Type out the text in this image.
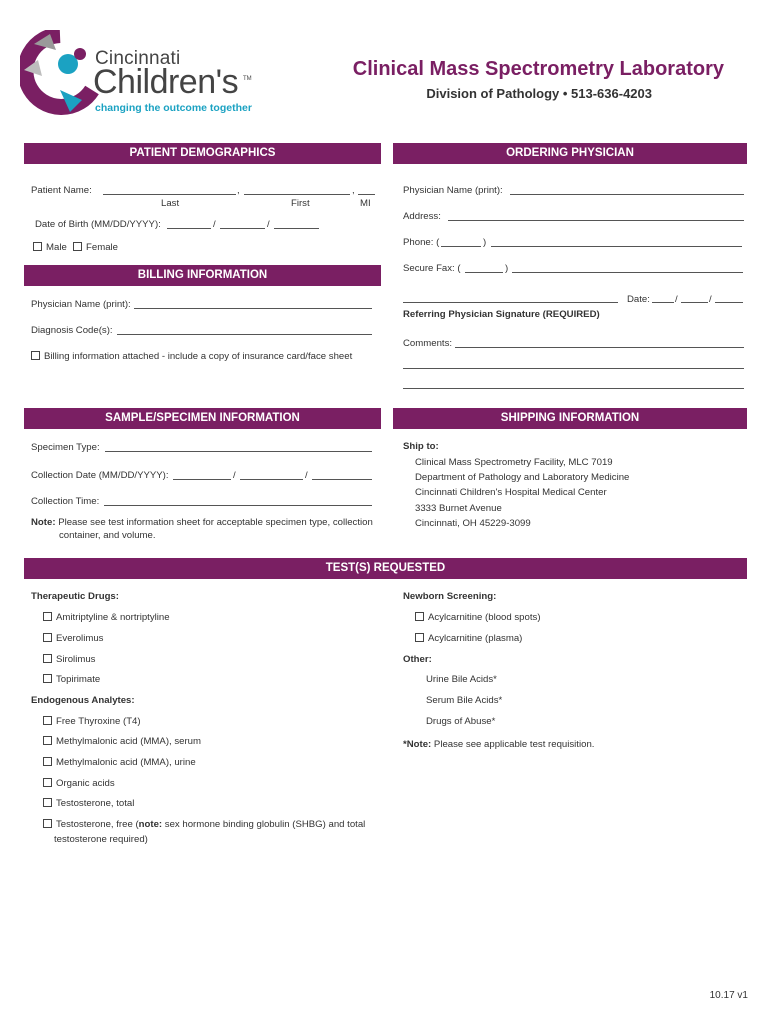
Cincinnati
Children's TM
changing the outcome together
Clinical Mass Spectrometry Laboratory
Division of Pathology • 513-636-4203
PATIENT DEMOGRAPHICS
Patient Name:	,	,
Last	First	MI
Date of Birth (MM/DD/YYYY):	/	/
Male	Female
BILLING INFORMATION
Physician Name (print):
Diagnosis Code(s):
Billing information attached - include a copy of insurance card/face sheet
ORDERING PHYSICIAN
Physician Name (print):
Address:
Phone: (	)
Secure Fax: (	)
Date:	/	/
Referring Physician Signature (REQUIRED)
Comments:
SAMPLE/SPECIMEN INFORMATION
Specimen Type:
Collection Date (MM/DD/YYYY):	/	/
Collection Time:
Note: Please see test information sheet for acceptable specimen type, collection
container, and volume.
SHIPPING INFORMATION
Ship to:
Clinical Mass Spectrometry Facility, MLC 7019
Department of Pathology and Laboratory Medicine
Cincinnati Children's Hospital Medical Center
3333 Burnet Avenue
Cincinnati, OH 45229-3099
TEST(S) REQUESTED
Therapeutic Drugs:
Amitriptyline & nortriptyline
Everolimus
Sirolimus
Topirimate
Endogenous Analytes:
Free Thyroxine (T4)
Methylmalonic acid (MMA), serum
Methylmalonic acid (MMA), urine
Organic acids
Testosterone, total
Testosterone, free (note: sex hormone binding globulin (SHBG) and total
testosterone required)
Newborn Screening:
Acylcarnitine (blood spots)
Acylcarnitine (plasma)
Other:
Urine Bile Acids*
Serum Bile Acids*
Drugs of Abuse*
*Note: Please see applicable test requisition.
10.17 v1
